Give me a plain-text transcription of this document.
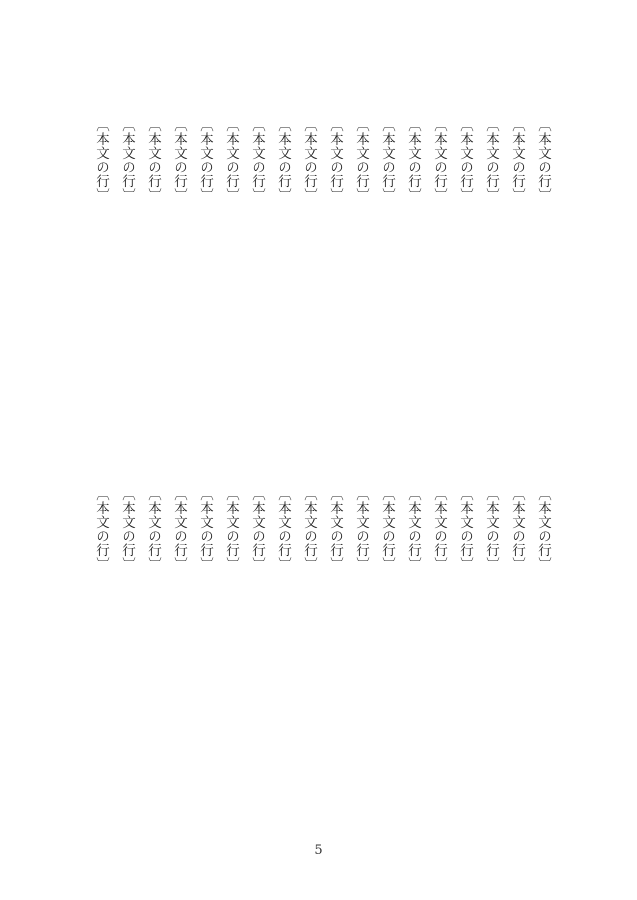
〔本文の行〕
〔本文の行〕
〔本文の行〕
〔本文の行〕
〔本文の行〕
〔本文の行〕
〔本文の行〕
〔本文の行〕
〔本文の行〕
〔本文の行〕
〔本文の行〕
〔本文の行〕
〔本文の行〕
〔本文の行〕
〔本文の行〕
〔本文の行〕
〔本文の行〕
〔本文の行〕
〔本文の行〕
〔本文の行〕
〔本文の行〕
〔本文の行〕
〔本文の行〕
〔本文の行〕
〔本文の行〕
〔本文の行〕
〔本文の行〕
〔本文の行〕
〔本文の行〕
〔本文の行〕
〔本文の行〕
〔本文の行〕
〔本文の行〕
〔本文の行〕
〔本文の行〕
〔本文の行〕
5
